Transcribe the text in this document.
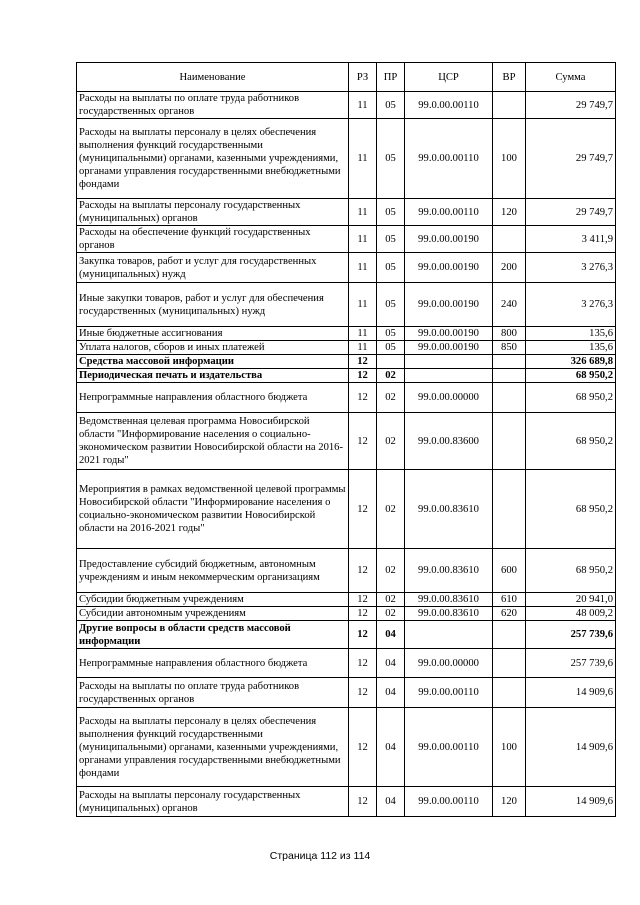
Наименование	РЗ	ПР	ЦСР	ВР	Сумма
Расходы на выплаты по оплате труда работников государственных органов	11	05	99.0.00.00110		29 749,7
Расходы на выплаты персоналу в целях обеспечения выполнения функций государственными (муниципальными) органами, казенными учреждениями, органами управления государственными внебюджетными фондами	11	05	99.0.00.00110	100	29 749,7
Расходы на выплаты персоналу государственных (муниципальных) органов	11	05	99.0.00.00110	120	29 749,7
Расходы на обеспечение функций государственных органов	11	05	99.0.00.00190		3 411,9
Закупка товаров, работ и услуг для государственных (муниципальных) нужд	11	05	99.0.00.00190	200	3 276,3
Иные закупки товаров, работ и услуг для обеспечения государственных (муниципальных) нужд	11	05	99.0.00.00190	240	3 276,3
Иные бюджетные ассигнования	11	05	99.0.00.00190	800	135,6
Уплата налогов, сборов и иных платежей	11	05	99.0.00.00190	850	135,6
Средства массовой информации	12				326 689,8
Периодическая печать и издательства	12	02			68 950,2
Непрограммные направления областного бюджета	12	02	99.0.00.00000		68 950,2
Ведомственная целевая программа Новосибирской области "Информирование населения о социально-экономическом развитии Новосибирской области на 2016-2021 годы"	12	02	99.0.00.83600		68 950,2
Мероприятия в рамках ведомственной целевой программы Новосибирской области "Информирование населения о социально-экономическом развитии Новосибирской области на 2016-2021 годы"	12	02	99.0.00.83610		68 950,2
Предоставление субсидий бюджетным, автономным учреждениям и иным некоммерческим организациям	12	02	99.0.00.83610	600	68 950,2
Субсидии бюджетным учреждениям	12	02	99.0.00.83610	610	20 941,0
Субсидии автономным учреждениям	12	02	99.0.00.83610	620	48 009,2
Другие вопросы в области средств массовой информации	12	04			257 739,6
Непрограммные направления областного бюджета	12	04	99.0.00.00000		257 739,6
Расходы на выплаты по оплате труда работников государственных органов	12	04	99.0.00.00110		14 909,6
Расходы на выплаты персоналу в целях обеспечения выполнения функций государственными (муниципальными) органами, казенными учреждениями, органами управления государственными внебюджетными фондами	12	04	99.0.00.00110	100	14 909,6
Расходы на выплаты персоналу государственных (муниципальных) органов	12	04	99.0.00.00110	120	14 909,6
Страница 112 из 114
